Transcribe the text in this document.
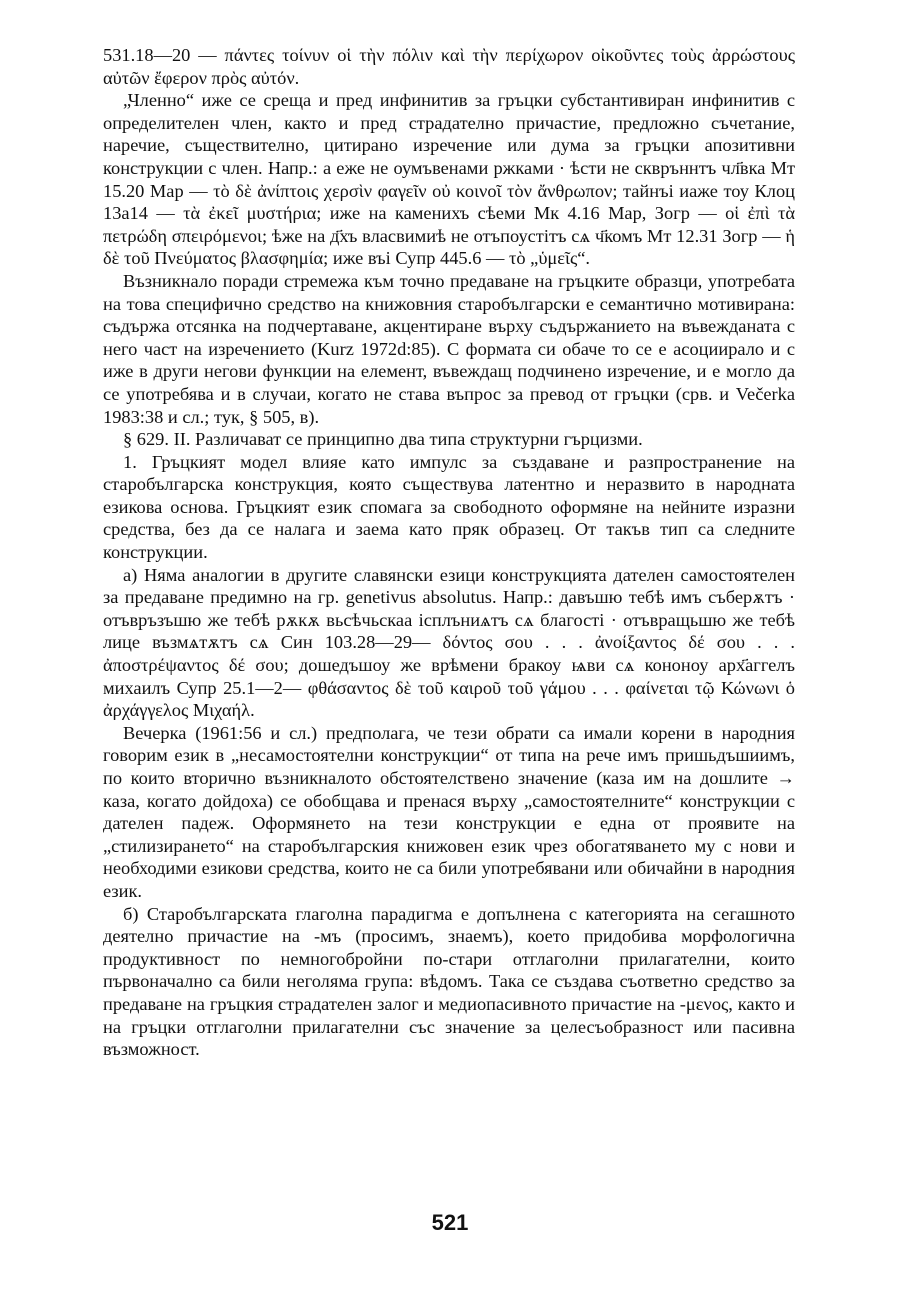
531.18—20 — πάντες τοίνυν οἱ τὴν πόλιν καὶ τὴν περίχωρον οἰκοῦντες τοὺς ἀρρώστους αὐτῶν ἔφερον πρὸς αὐτόν.

„Членно“ иже се среща и пред инфинитив за гръцки субстантивиран инфинитив с определителен член, както и пред страдателно причастие, предложно съчетание, наречие, съществително, цитирано изречение или дума за гръцки апозитивни конструкции с член. Напр.: а еже не оумъвенами ржками · ѣсти не сквръннтъ чл҃вка Мт 15.20 Мар — τὸ δὲ ἀνίπτοις χερσὶν φαγεῖν οὐ κοινοῖ τὸν ἄνθρωπον; тайнъі иаже тоу Клоц 13а14 — τὰ ἐκεῖ μυστήρια; иже на каменихъ сѣеми Мк 4.16 Мар, Зогр — οἱ ἐπὶ τὰ πετρώδη σπειρόμενοι; ѣже на д҃хъ власвимиѣ не отъпоустітъ сѧ ч҃комъ Мт 12.31 Зогр — ἡ δὲ τοῦ Πνεύματος βλασφημία; иже въі Супр 445.6 — τὸ „ὑμεῖς“.

Възникнало поради стремежа към точно предаване на гръцките образци, употребата на това специфично средство на книжовния старобългарски е семантично мотивирана: съдържа отсянка на подчертаване, акцентиране върху съдържанието на въвежданата с него част на изречението (Kurz 1972d:85). С формата си обаче то се е асоциирало и с иже в други негови функции на елемент, въвеждащ подчинено изречение, и е могло да се употребява и в случаи, когато не става въпрос за превод от гръцки (срв. и Večerka 1983:38 и сл.; тук, § 505, в).

§ 629. II. Различават се принципно два типа структурни гърцизми.

1. Гръцкият модел влияе като импулс за създаване и разпространение на старобългарска конструкция, която съществува латентно и неразвито в народната езикова основа. Гръцкият език спомага за свободното оформяне на нейните изразни средства, без да се налага и заема като пряк образец. От такъв тип са следните конструкции.

а) Няма аналогии в другите славянски езици конструкцията дателен самостоятелен за предаване предимно на гр. genetivus absolutus. Напр.: давъшю тебѣ имъ съберѫтъ · отъвръзъшю же тебѣ рѫкѫ вьсѣчьскаа ісплъниѧтъ сѧ благості · отъвращьшю же тебѣ лице възмѧтѫтъ сѧ Син 103.28—29— δόντος σου . . . ἀνοίξαντος δέ σου . . . ἀποστρέψαντος δέ σου; дошедъшоу же врѣмени бракоу ѩви сѧ кононоу арх҃аггелъ михаилъ Супр 25.1—2— φθάσαντος δὲ τοῦ καιροῦ τοῦ γάμου . . . φαίνεται τῷ Κώνωνι ὁ ἀρχάγγελος Μιχαήλ.

Вечерка (1961:56 и сл.) предполага, че тези обрати са имали корени в народния говорим език в „несамостоятелни конструкции“ от типа на рече имъ пришьдъшиимъ, по които вторично възникналото обстоятелствено значение (каза им на дошлите → каза, когато дойдоха) се обобщава и пренася върху „самостоятелните“ конструкции с дателен падеж. Оформянето на тези конструкции е една от проявите на „стилизирането“ на старобългарския книжовен език чрез обогатяването му с нови и необходими езикови средства, които не са били употребявани или обичайни в народния език.

б) Старобългарската глаголна парадигма е допълнена с категорията на сегашното деятелно причастие на -мъ (просимъ, знаемъ), което придобива морфологична продуктивност по немногобройни по-стари отглаголни прилагателни, които първоначално са били неголяма група: вѣдомъ. Така се създава съответно средство за предаване на гръцкия страдателен залог и медиопасивното причастие на -μενος, както и на гръцки отглаголни прилагателни със значение за целесъобразност или пасивна възможност.

521
